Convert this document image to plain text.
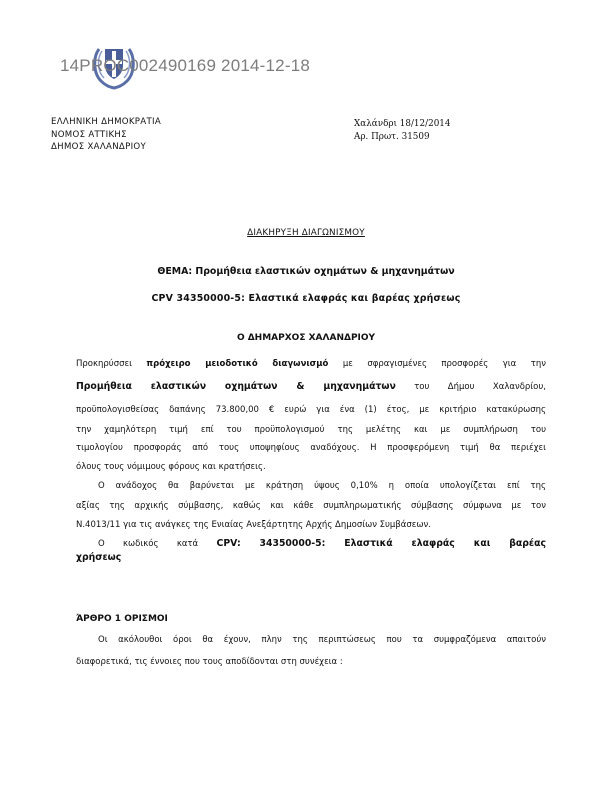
14PROC002490169 2014-12-18
ΕΛΛΗΝΙΚΗ ΔΗΜΟΚΡΑΤΙΑ
ΝΟΜΟΣ ΑΤΤΙΚΗΣ
ΔΗΜΟΣ ΧΑΛΑΝΔΡΙΟΥ
Χαλάνδρι 18/12/2014
Αρ. Πρωτ. 31509
ΔΙΑΚΗΡΥΞΗ ΔΙΑΓΩΝΙΣΜΟΥ
ΘΕΜΑ: Προμήθεια ελαστικών οχημάτων & μηχανημάτων
CPV 34350000-5: Ελαστικά ελαφράς και βαρέας χρήσεως
Ο ΔΗΜΑΡΧΟΣ ΧΑΛΑΝΔΡΙΟΥ
Προκηρύσσει πρόχειρο μειοδοτικό διαγωνισμό με σφραγισμένες προσφορές για την
Προμήθεια ελαστικών οχημάτων & μηχανημάτων του Δήμου Χαλανδρίου,
προϋπολογισθείσας δαπάνης 73.800,00 € ευρώ για ένα (1) έτος, με κριτήριο κατακύρωσης
την χαμηλότερη τιμή επί του προϋπολογισμού της μελέτης και με συμπλήρωση του
τιμολογίου προσφοράς από τους υποψηφίους αναδόχους. Η προσφερόμενη τιμή θα περιέχει
όλους τους νόμιμους φόρους και κρατήσεις.
Ο ανάδοχος θα βαρύνεται με κράτηση ύψους 0,10% η οποία υπολογίζεται επί της
αξίας της αρχικής σύμβασης, καθώς και κάθε συμπληρωματικής σύμβασης σύμφωνα με τον
Ν.4013/11 για τις ανάγκες της Ενιαίας Ανεξάρτητης Αρχής Δημοσίων Συμβάσεων.
Ο κωδικός κατά CPV: 34350000-5: Ελαστικά ελαφράς και βαρέας
χρήσεως
ΆΡΘΡΟ 1 ΟΡΙΣΜΟΙ
Οι ακόλουθοι όροι θα έχουν, πλην της περιπτώσεως που τα συμφραζόμενα απαιτούν
διαφορετικά, τις έννοιες που τους αποδίδονται στη συνέχεια :
